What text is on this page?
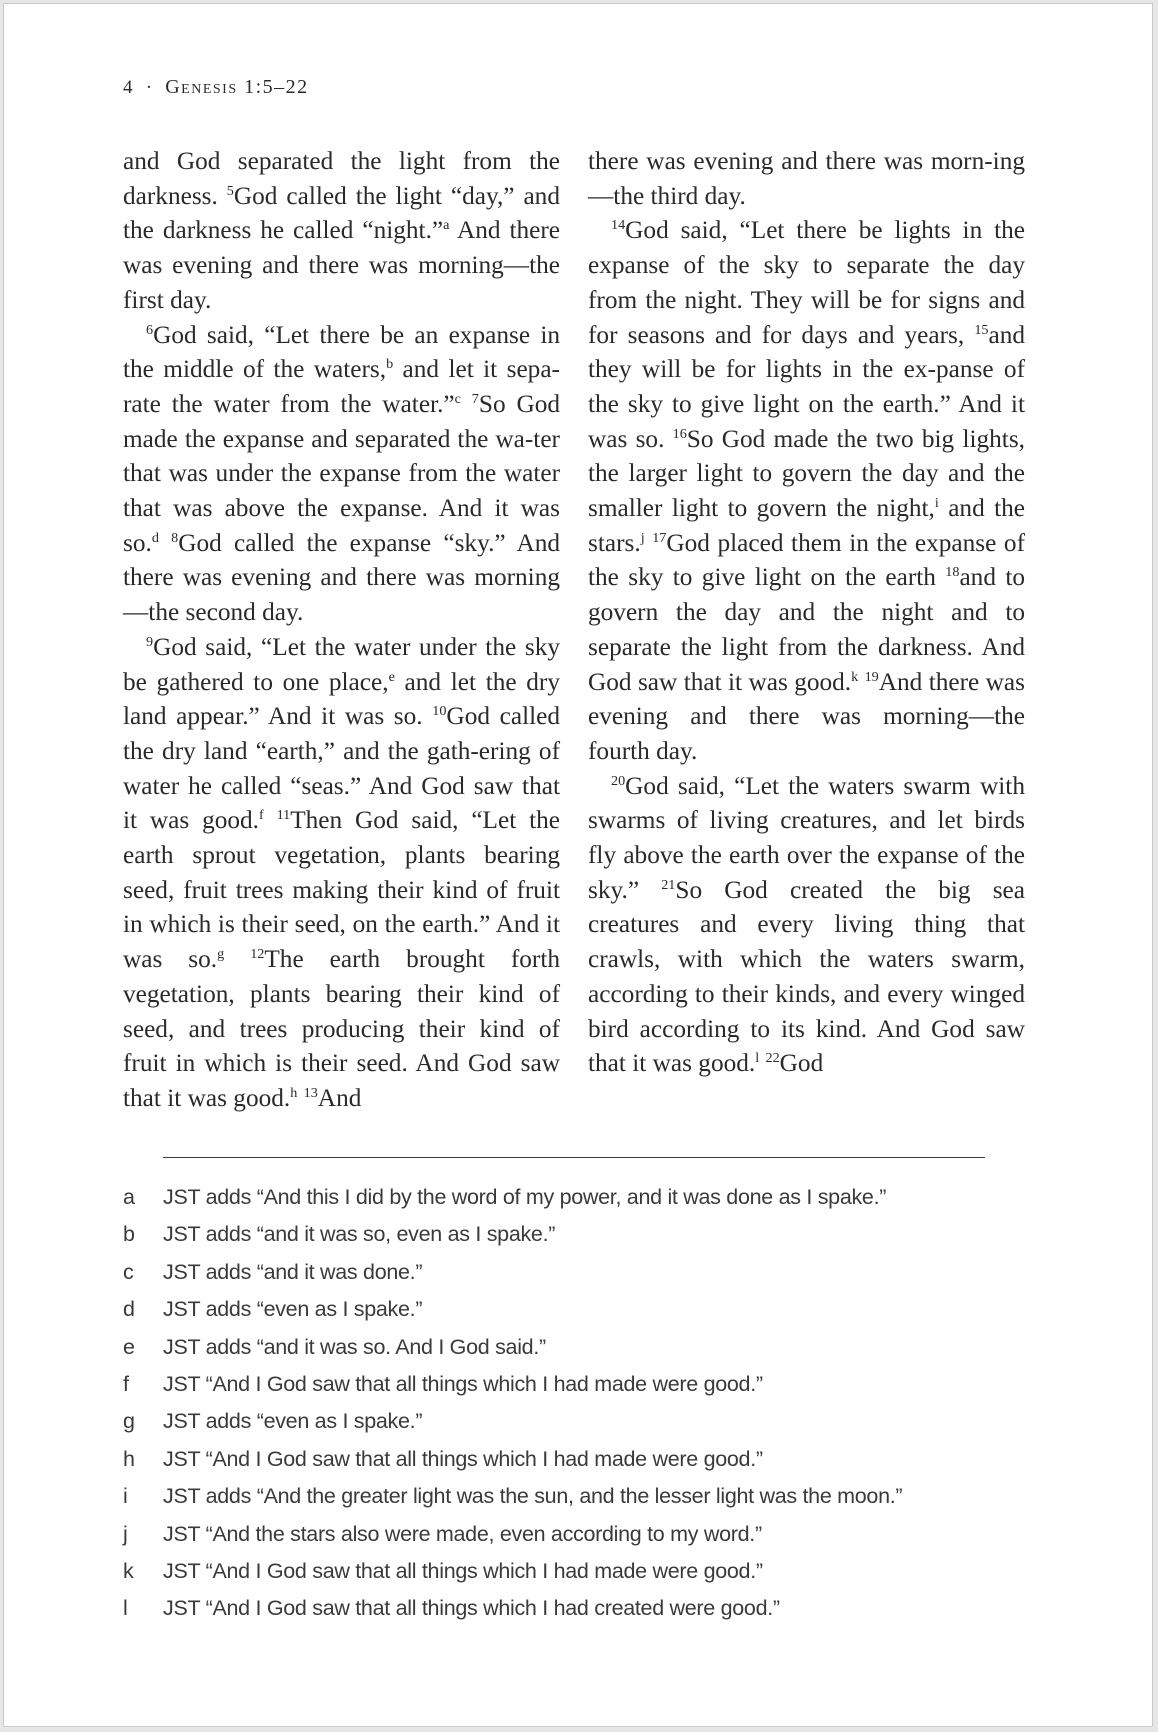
4 · Genesis 1:5–22

and God separated the light from the darkness. $^5$God called the light “day,” and the darkness he called “night.”$^a$ And there was evening and there was morning—the first day.

$^6$God said, “Let there be an expanse in the middle of the waters,$^b$ and let it sepa-rate the water from the water.”$^c$ $^7$So God made the expanse and separated the wa-ter that was under the expanse from the water that was above the expanse. And it was so.$^d$ $^8$God called the expanse “sky.” And there was evening and there was morning—the second day.

$^9$God said, “Let the water under the sky be gathered to one place,$^e$ and let the dry land appear.” And it was so. $^{10}$God called the dry land “earth,” and the gath-ering of water he called “seas.” And God saw that it was good.$^f$ $^{11}$Then God said, “Let the earth sprout vegetation, plants bearing seed, fruit trees making their kind of fruit in which is their seed, on the earth.” And it was so.$^g$ $^{12}$The earth brought forth vegetation, plants bearing their kind of seed, and trees producing their kind of fruit in which is their seed. And God saw that it was good.$^h$ $^{13}$And

there was evening and there was morn-ing—the third day.

$^{14}$God said, “Let there be lights in the expanse of the sky to separate the day from the night. They will be for signs and for seasons and for days and years, $^{15}$and they will be for lights in the ex-panse of the sky to give light on the earth.” And it was so. $^{16}$So God made the two big lights, the larger light to govern the day and the smaller light to govern the night,$^i$ and the stars.$^j$ $^{17}$God placed them in the expanse of the sky to give light on the earth $^{18}$and to govern the day and the night and to separate the light from the darkness. And God saw that it was good.$^k$ $^{19}$And there was evening and there was morning—the fourth day.

$^{20}$God said, “Let the waters swarm with swarms of living creatures, and let birds fly above the earth over the expanse of the sky.” $^{21}$So God created the big sea creatures and every living thing that crawls, with which the waters swarm, according to their kinds, and every winged bird according to its kind. And God saw that it was good.$^l$ $^{22}$God

a JST adds “And this I did by the word of my power, and it was done as I spake.”
b JST adds “and it was so, even as I spake.”
c JST adds “and it was done.”
d JST adds “even as I spake.”
e JST adds “and it was so. And I God said.”
f JST “And I God saw that all things which I had made were good.”
g JST adds “even as I spake.”
h JST “And I God saw that all things which I had made were good.”
i JST adds “And the greater light was the sun, and the lesser light was the moon.”
j JST “And the stars also were made, even according to my word.”
k JST “And I God saw that all things which I had made were good.”
l JST “And I God saw that all things which I had created were good.”
